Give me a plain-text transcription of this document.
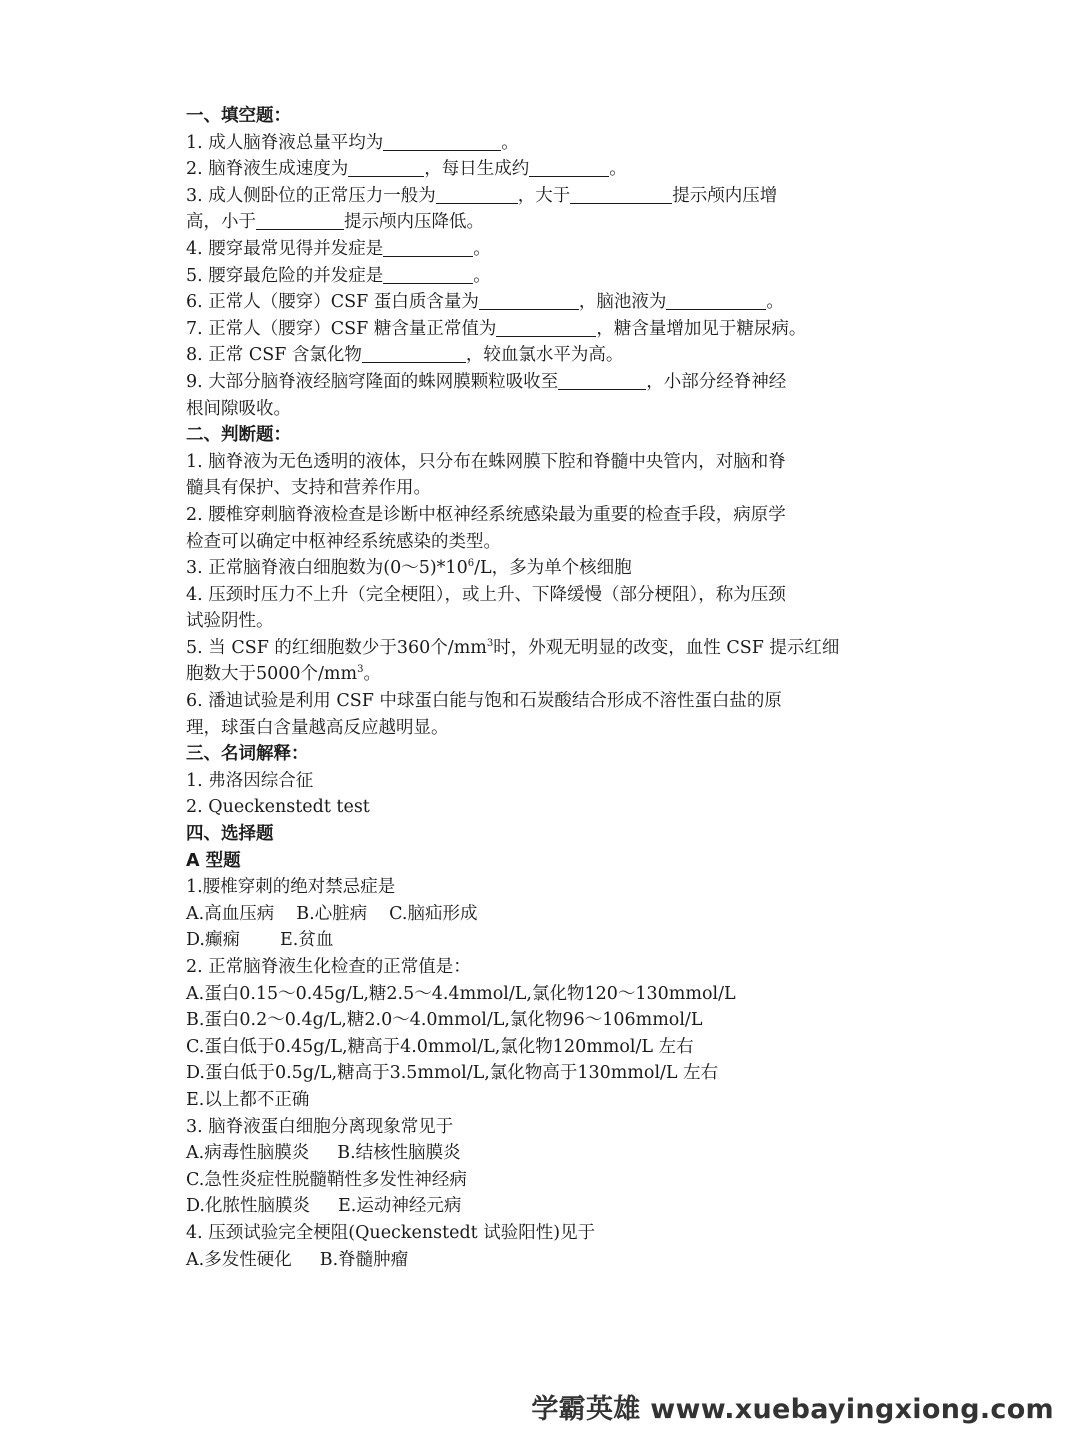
一、填空题：
1. 成人脑脊液总量平均为	。
2. 脑脊液生成速度为	，每日生成约	。
3. 成人侧卧位的正常压力一般为	，大于	提示颅内压增
高，小于	提示颅内压降低。
4. 腰穿最常见得并发症是	。
5. 腰穿最危险的并发症是	。
6. 正常人（腰穿）CSF 蛋白质含量为	，脑池液为	。
7. 正常人（腰穿）CSF 糖含量正常值为	，糖含量增加见于糖尿病。
8. 正常 CSF 含氯化物	，较血氯水平为高。
9. 大部分脑脊液经脑穹隆面的蛛网膜颗粒吸收至	，小部分经脊神经
根间隙吸收。
二、判断题：
1. 脑脊液为无色透明的液体，只分布在蛛网膜下腔和脊髓中央管内，对脑和脊
髓具有保护、支持和营养作用。
2. 腰椎穿刺脑脊液检查是诊断中枢神经系统感染最为重要的检查手段，病原学
检查可以确定中枢神经系统感染的类型。
3. 正常脑脊液白细胞数为$(0\sim 5)*10^6/L$，多为单个核细胞
4. 压颈时压力不上升（完全梗阻），或上升、下降缓慢（部分梗阻），称为压颈
试验阴性。
5. 当 CSF 的红细胞数少于360个$/mm^3$时，外观无明显的改变，血性 CSF 提示红细
胞数大于5000个$/mm^3$。
6. 潘迪试验是利用 CSF 中球蛋白能与饱和石炭酸结合形成不溶性蛋白盐的原
理，球蛋白含量越高反应越明显。
三、名词解释：
1. 弗洛因综合征
2. Queckenstedt test
四、选择题
A 型题
1.腰椎穿刺的绝对禁忌症是
A.高血压病 B.心脏病 C.脑疝形成
D.癫痫 E.贫血
2. 正常脑脊液生化检查的正常值是：
A.蛋白0.15～0.45g/L,糖2.5～4.4mmol/L,氯化物120～130mmol/L
B.蛋白0.2～0.4g/L,糖2.0～4.0mmol/L,氯化物96～106mmol/L
C.蛋白低于0.45g/L,糖高于4.0mmol/L,氯化物120mmol/L 左右
D.蛋白低于0.5g/L,糖高于3.5mmol/L,氯化物高于130mmol/L 左右
E.以上都不正确
3. 脑脊液蛋白细胞分离现象常见于
A.病毒性脑膜炎 B.结核性脑膜炎
C.急性炎症性脱髓鞘性多发性神经病
D.化脓性脑膜炎 E.运动神经元病
4. 压颈试验完全梗阻(Queckenstedt 试验阳性)见于
A.多发性硬化 B.脊髓肿瘤
学霸英雄 www.xuebayingxiong.com
